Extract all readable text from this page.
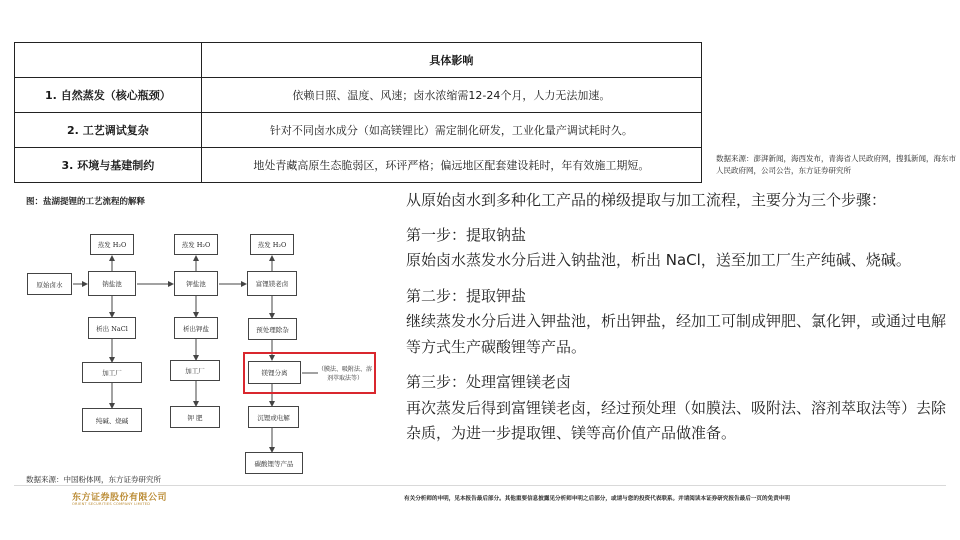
	具体影响
1. 自然蒸发（核心瓶颈）	依赖日照、温度、风速；卤水浓缩需12-24个月，人力无法加速。
2. 工艺调试复杂	针对不同卤水成分（如高镁锂比）需定制化研发，工业化量产调试耗时久。
3. 环境与基建制约	地处青藏高原生态脆弱区，环评严格；偏远地区配套建设耗时，年有效施工期短。
数据来源：澎湃新闻，海西发布，青海省人民政府网，搜狐新闻，海东市人民政府网，公司公告，东方证券研究所
图：盐湖提锂的工艺流程的解释
蒸发 H₂O	蒸发 H₂O	蒸发 H₂O
原始卤水	钠盐池	钾盐池	富锂镁老卤
析出 NaCl	析出钾盐	预处理除杂
加工厂	加工厂	镁锂分离	（膜法、吸附法、溶剂萃取法等）
纯碱、烧碱	钾 肥	沉锂或电解
碳酸锂等产品
数据来源：中国粉体网，东方证券研究所
从原始卤水到多种化工产品的梯级提取与加工流程，主要分为三个步骤：
第一步：提取钠盐
原始卤水蒸发水分后进入钠盐池，析出 NaCl，送至加工厂生产纯碱、烧碱。
第二步：提取钾盐
继续蒸发水分后进入钾盐池，析出钾盐，经加工可制成钾肥、氯化钾，或通过电解等方式生产碳酸锂等产品。
第三步：处理富锂镁老卤
再次蒸发后得到富锂镁老卤，经过预处理（如膜法、吸附法、溶剂萃取法等）去除杂质，为进一步提取锂、镁等高价值产品做准备。
东方证券股份有限公司
ORIENT SECURITIES COMPANY LIMITED
有关分析师的申明，见本报告最后部分。其他重要信息披露见分析师申明之后部分，或请与您的投资代表联系。并请阅读本证券研究报告最后一页的免责申明
